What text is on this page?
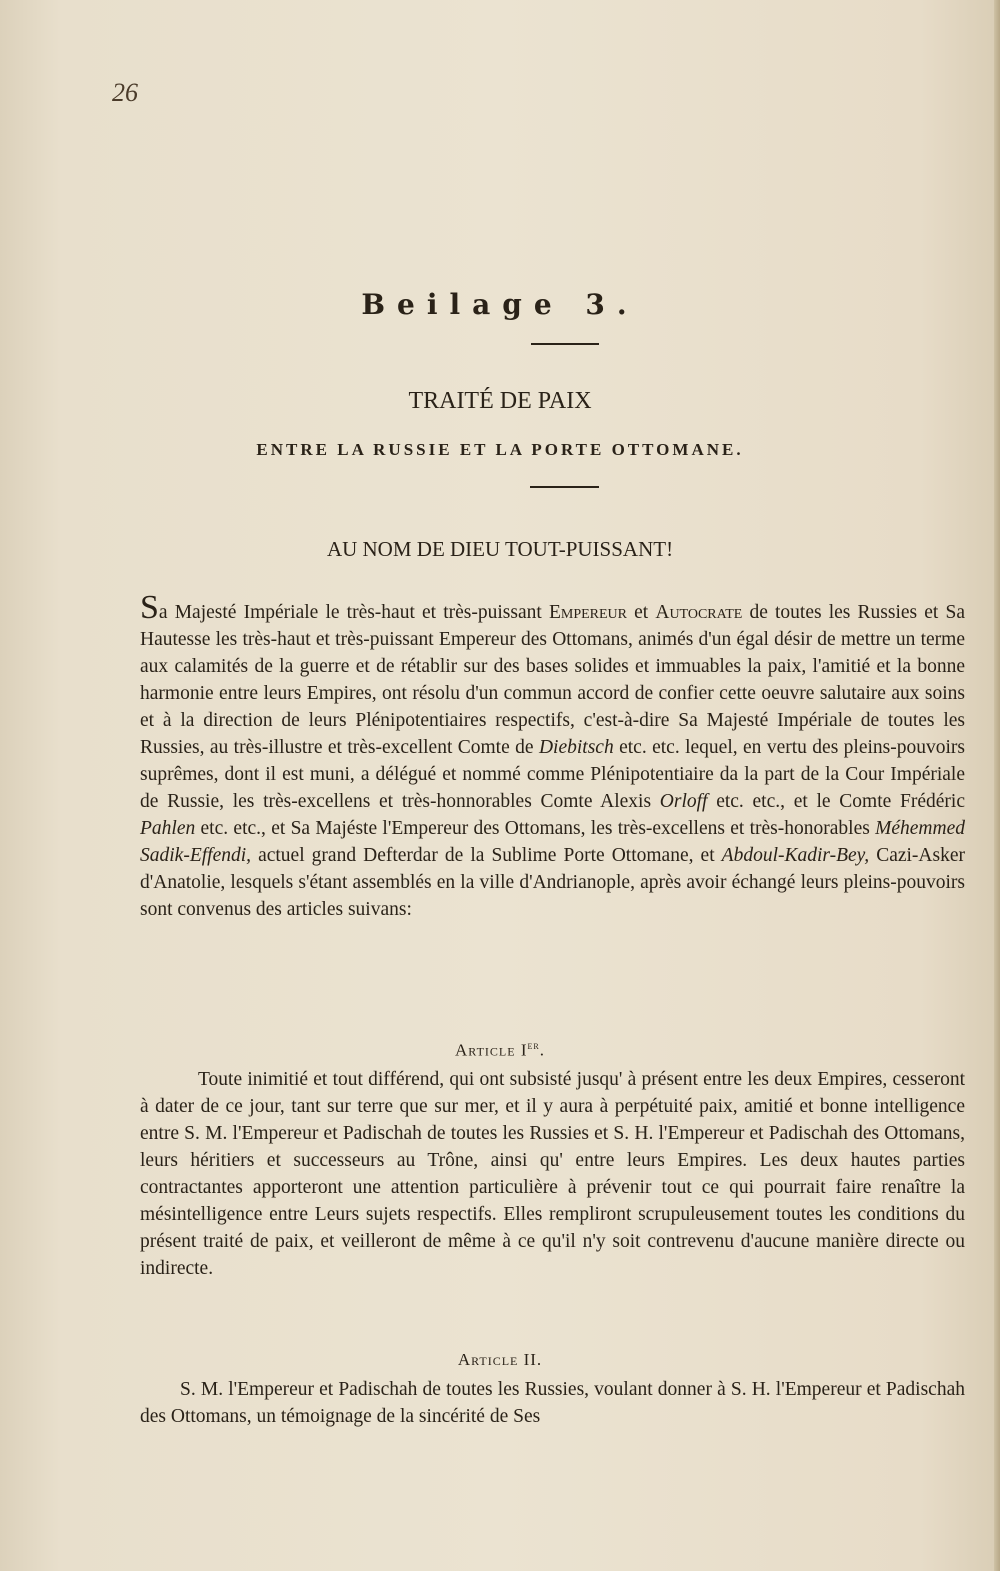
26
Beilage 3.
TRAITÉ DE PAIX
ENTRE LA RUSSIE ET LA PORTE OTTOMANE.
AU NOM DE DIEU TOUT-PUISSANT!
Sa Majesté Impériale le très-haut et très-puissant Empereur et Autocrate de toutes les Russies et Sa Hautesse les très-haut et très-puissant Empereur des Ottomans, animés d'un égal désir de mettre un terme aux calamités de la guerre et de rétablir sur des bases solides et immuables la paix, l'amitié et la bonne harmonie entre leurs Empires, ont résolu d'un commun accord de confier cette oeuvre salutaire aux soins et à la direction de leurs Plénipotentiaires respectifs, c'est-à-dire Sa Majesté Impériale de toutes les Russies, au très-illustre et très-excellent Comte de Diebitsch etc. etc. lequel, en vertu des pleins-pouvoirs suprêmes, dont il est muni, a délégué et nommé comme Plénipotentiaire da la part de la Cour Impériale de Russie, les très-excellens et très-honnorables Comte Alexis Orloff etc. etc., et le Comte Frédéric Pahlen etc. etc., et Sa Majéste l'Empereur des Ottomans, les très-excellens et très-honorables Méhemmed Sadik-Effendi, actuel grand Defterdar de la Sublime Porte Ottomane, et Abdoul-Kadir-Bey, Cazi-Asker d'Anatolie, lesquels s'étant assemblés en la ville d'Andrianople, après avoir échangé leurs pleins-pouvoirs sont convenus des articles suivans:
Article Ier.
Toute inimitié et tout différend, qui ont subsisté jusqu' à présent entre les deux Empires, cesseront à dater de ce jour, tant sur terre que sur mer, et il y aura à perpétuité paix, amitié et bonne intelligence entre S. M. l'Empereur et Padischah de toutes les Russies et S. H. l'Empereur et Padischah des Ottomans, leurs héritiers et successeurs au Trône, ainsi qu' entre leurs Empires. Les deux hautes parties contractantes apporteront une attention particulière à prévenir tout ce qui pourrait faire renaître la mésintelligence entre Leurs sujets respectifs. Elles rempliront scrupuleusement toutes les conditions du présent traité de paix, et veilleront de même à ce qu'il n'y soit contrevenu d'aucune manière directe ou indirecte.
Article II.
S. M. l'Empereur et Padischah de toutes les Russies, voulant donner à S. H. l'Empereur et Padischah des Ottomans, un témoignage de la sincérité de Ses
